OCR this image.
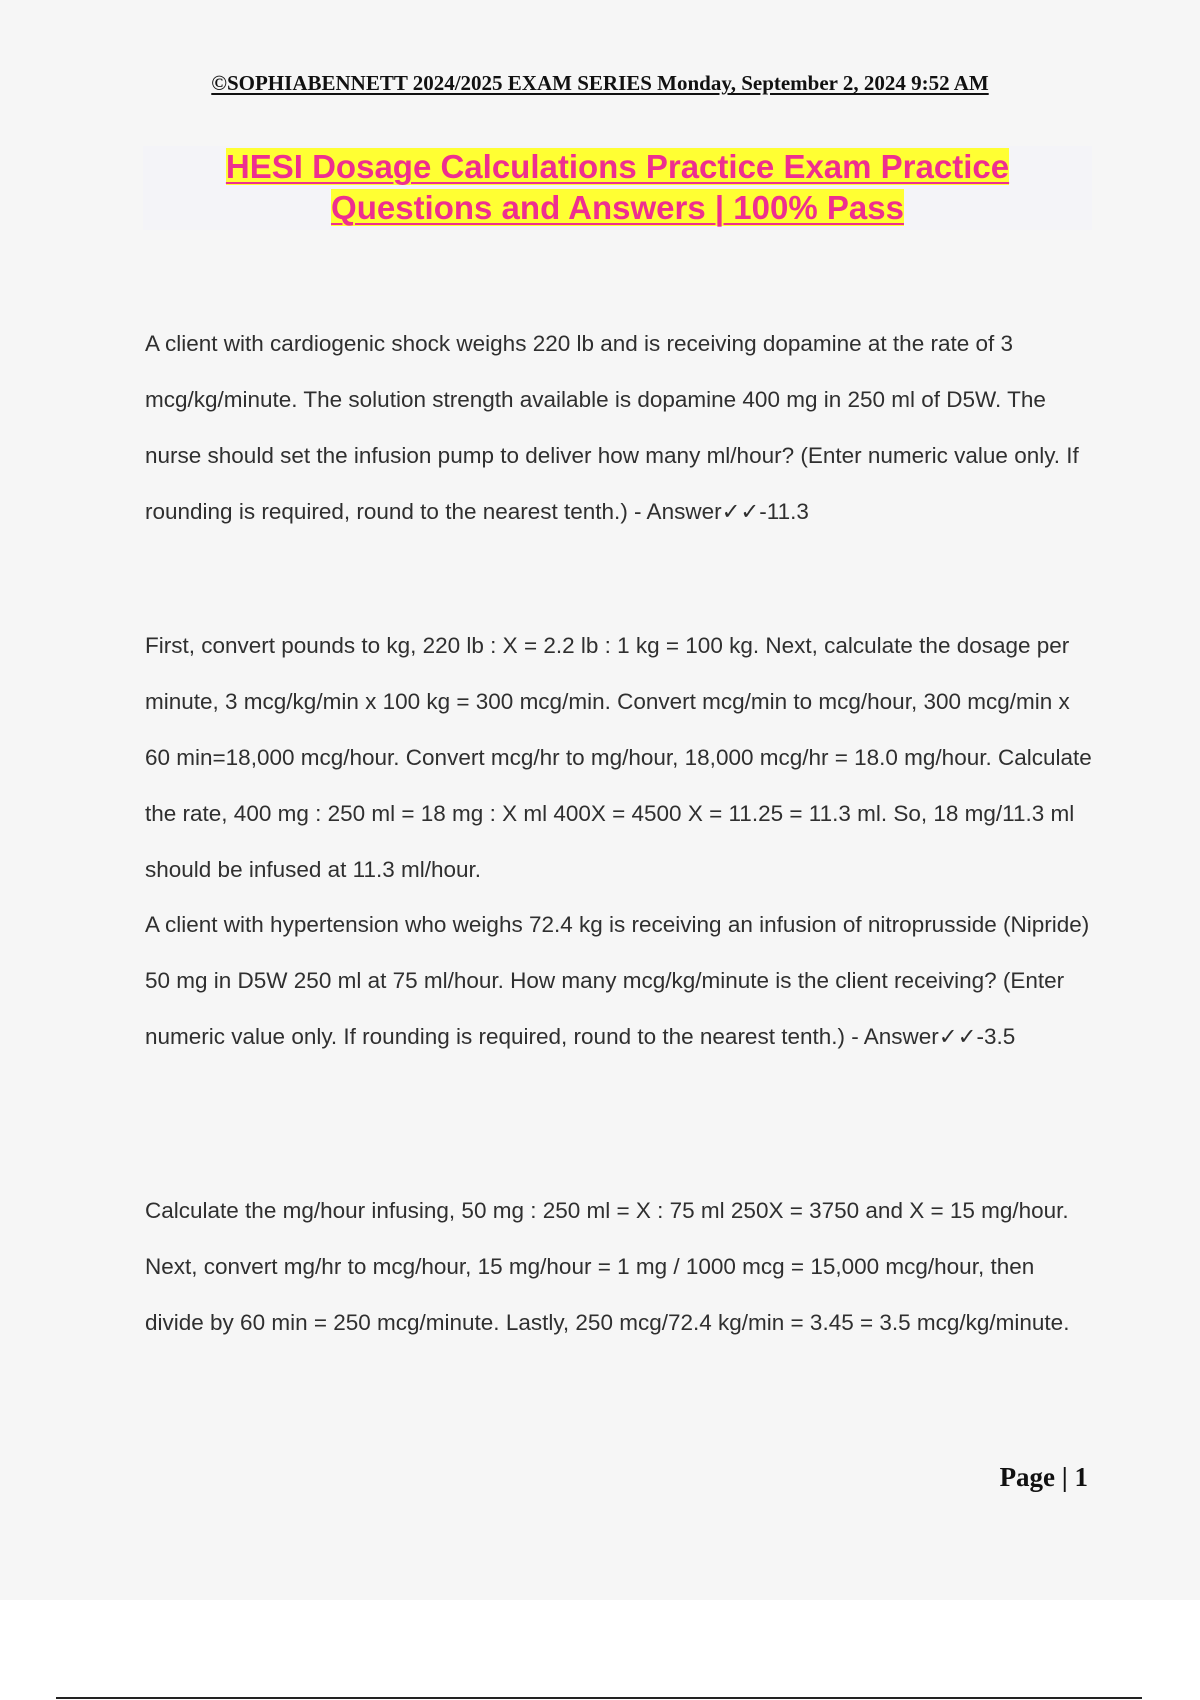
©SOPHIABENNETT 2024/2025 EXAM SERIES Monday, September 2, 2024 9:52 AM
HESI Dosage Calculations Practice Exam Practice
Questions and Answers | 100% Pass

A client with cardiogenic shock weighs 220 lb and is receiving dopamine at the rate of 3 mcg/kg/minute. The solution strength available is dopamine 400 mg in 250 ml of D5W. The nurse should set the infusion pump to deliver how many ml/hour? (Enter numeric value only. If rounding is required, round to the nearest tenth.) - Answer✓✓-11.3

First, convert pounds to kg, 220 lb : X = 2.2 lb : 1 kg = 100 kg. Next, calculate the dosage per minute, 3 mcg/kg/min x 100 kg = 300 mcg/min. Convert mcg/min to mcg/hour, 300 mcg/min x 60 min=18,000 mcg/hour. Convert mcg/hr to mg/hour, 18,000 mcg/hr = 18.0 mg/hour. Calculate the rate, 400 mg : 250 ml = 18 mg : X ml 400X = 4500 X = 11.25 = 11.3 ml. So, 18 mg/11.3 ml should be infused at 11.3 ml/hour.

A client with hypertension who weighs 72.4 kg is receiving an infusion of nitroprusside (Nipride) 50 mg in D5W 250 ml at 75 ml/hour. How many mcg/kg/minute is the client receiving? (Enter numeric value only. If rounding is required, round to the nearest tenth.) - Answer✓✓-3.5

Calculate the mg/hour infusing, 50 mg : 250 ml = X : 75 ml 250X = 3750 and X = 15 mg/hour. Next, convert mg/hr to mcg/hour, 15 mg/hour = 1 mg / 1000 mcg = 15,000 mcg/hour, then divide by 60 min = 250 mcg/minute. Lastly, 250 mcg/72.4 kg/min = 3.45 = 3.5 mcg/kg/minute.

Page | 1
